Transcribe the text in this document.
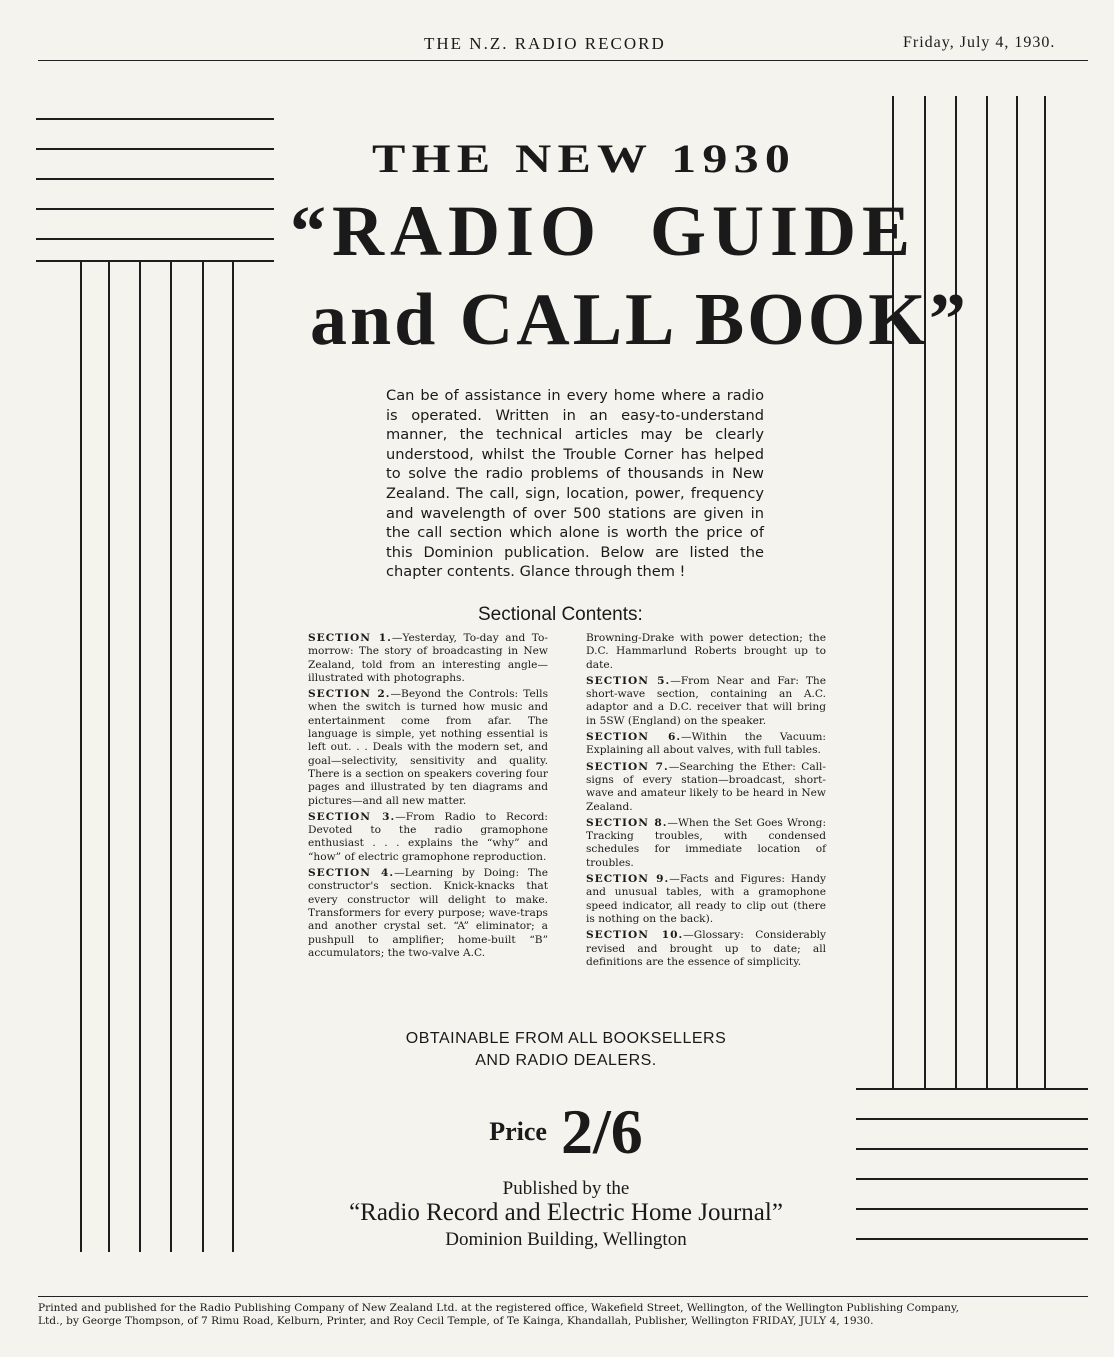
THE N.Z. RADIO RECORD	Friday, July 4, 1930.
THE NEW 1930
“RADIO  GUIDE
and CALL BOOK”
Can be of assistance in every home where a radio is operated. Written in an easy-to-understand manner, the technical articles may be clearly understood, whilst the Trouble Corner has helped to solve the radio problems of thousands in New Zealand. The call, sign, location, power, frequency and wavelength of over 500 stations are given in the call section which alone is worth the price of this Dominion publication. Below are listed the chapter contents. Glance through them !
Sectional Contents:

SECTION 1.—Yesterday, To-day and To-morrow: The story of broadcasting in New Zealand, told from an interesting angle—illustrated with photographs.

SECTION 2.—Beyond the Controls: Tells when the switch is turned how music and entertainment come from afar. The language is simple, yet nothing essential is left out. . . Deals with the modern set, and goal—selectivity, sensitivity and quality. There is a section on speakers covering four pages and illustrated by ten diagrams and pictures—and all new matter.

SECTION 3.—From Radio to Record: Devoted to the radio gramophone enthusiast . . . explains the “why” and “how” of electric gramophone reproduction.

SECTION 4.—Learning by Doing: The constructor's section. Knick-knacks that every constructor will delight to make. Transformers for every purpose; wave-traps and another crystal set. “A” eliminator; a pushpull to amplifier; home-built “B” accumulators; the two-valve A.C.

Browning-Drake with power detection; the D.C. Hammarlund Roberts brought up to date.

SECTION 5.—From Near and Far: The short-wave section, containing an A.C. adaptor and a D.C. receiver that will bring in 5SW (England) on the speaker.

SECTION 6.—Within the Vacuum: Explaining all about valves, with full tables.

SECTION 7.—Searching the Ether: Call-signs of every station—broadcast, short-wave and amateur likely to be heard in New Zealand.

SECTION 8.—When the Set Goes Wrong: Tracking troubles, with condensed schedules for immediate location of troubles.

SECTION 9.—Facts and Figures: Handy and unusual tables, with a gramophone speed indicator, all ready to clip out (there is nothing on the back).

SECTION 10.—Glossary: Considerably revised and brought up to date; all definitions are the essence of simplicity.

OBTAINABLE FROM ALL BOOKSELLERS
AND RADIO DEALERS.
Price 2/6
Published by the
“Radio Record and Electric Home Journal”
Dominion Building, Wellington
Printed and published for the Radio Publishing Company of New Zealand Ltd. at the registered office, Wakefield Street, Wellington, of the Wellington Publishing Company,
Ltd., by George Thompson, of 7 Rimu Road, Kelburn, Printer, and Roy Cecil Temple, of Te Kainga, Khandallah, Publisher, Wellington FRIDAY, JULY 4, 1930.
